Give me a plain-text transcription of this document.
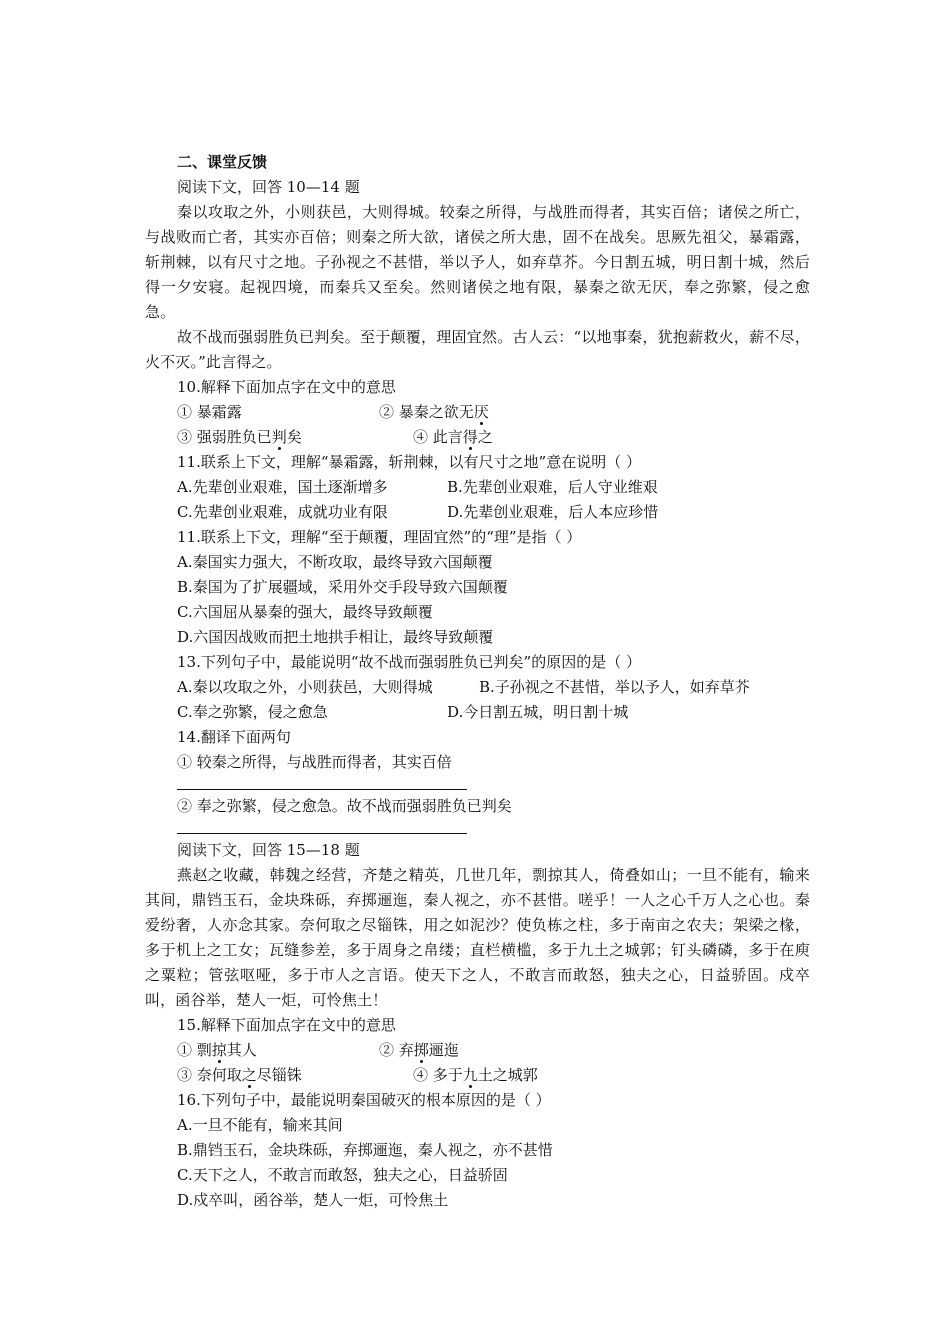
二、课堂反馈
阅读下文，回答 10—14 题
秦以攻取之外，小则获邑，大则得城。较秦之所得，与战胜而得者，其实百倍；诸侯之所亡，与战败而亡者，其实亦百倍；则秦之所大欲，诸侯之所大患，固不在战矣。思厥先祖父，暴霜露，斩荆棘，以有尺寸之地。子孙视之不甚惜，举以予人，如弃草芥。今日割五城，明日割十城，然后得一夕安寝。起视四境，而秦兵又至矣。然则诸侯之地有限，暴秦之欲无厌，奉之弥繁，侵之愈急。
故不战而强弱胜负已判矣。至于颠覆，理固宜然。古人云：“以地事秦，犹抱薪救火，薪不尽，火不灭。”此言得之。
10.解释下面加点字在文中的意思
① 暴霜露	② 暴秦之欲无厌
③ 强弱胜负已判矣	④ 此言得之
11.联系上下文，理解“暴霜露，斩荆棘，以有尺寸之地”意在说明（ ）
A.先辈创业艰难，国土逐渐增多	B.先辈创业艰难，后人守业维艰
C.先辈创业艰难，成就功业有限	D.先辈创业艰难，后人本应珍惜
11.联系上下文，理解“至于颠覆，理固宜然”的“理”是指（ ）
A.秦国实力强大，不断攻取，最终导致六国颠覆
B.秦国为了扩展疆域，采用外交手段导致六国颠覆
C.六国屈从暴秦的强大，最终导致颠覆
D.六国因战败而把土地拱手相让，最终导致颠覆
13.下列句子中，最能说明“故不战而强弱胜负已判矣”的原因的是（ ）
A.秦以攻取之外，小则获邑，大则得城	B.子孙视之不甚惜，举以予人，如弃草芥
C.奉之弥繁，侵之愈急	D.今日割五城，明日割十城
14.翻译下面两句
① 较秦之所得，与战胜而得者，其实百倍
② 奉之弥繁，侵之愈急。故不战而强弱胜负已判矣
阅读下文，回答 15—18 题
燕赵之收藏，韩魏之经营，齐楚之精英，几世几年，剽掠其人，倚叠如山；一旦不能有，输来其间，鼎铛玉石，金块珠砾，弃掷逦迤，秦人视之，亦不甚惜。嗟乎！一人之心千万人之心也。秦爱纷奢，人亦念其家。奈何取之尽锱铢，用之如泥沙？使负栋之柱，多于南亩之农夫；架梁之椽，多于机上之工女；瓦缝参差，多于周身之帛缕；直栏横槛，多于九土之城郭；钉头磷磷，多于在庾之粟粒；管弦呕哑，多于市人之言语。使天下之人，不敢言而敢怒，独夫之心，日益骄固。戍卒叫，函谷举，楚人一炬，可怜焦土！
15.解释下面加点字在文中的意思
① 剽掠其人	② 弃掷逦迤
③ 奈何取之尽锱铢	④ 多于九土之城郭
16.下列句子中，最能说明秦国破灭的根本原因的是（ ）
A.一旦不能有，输来其间
B.鼎铛玉石，金块珠砾，弃掷逦迤，秦人视之，亦不甚惜
C.天下之人，不敢言而敢怒，独夫之心，日益骄固
D.戍卒叫，函谷举，楚人一炬，可怜焦土
